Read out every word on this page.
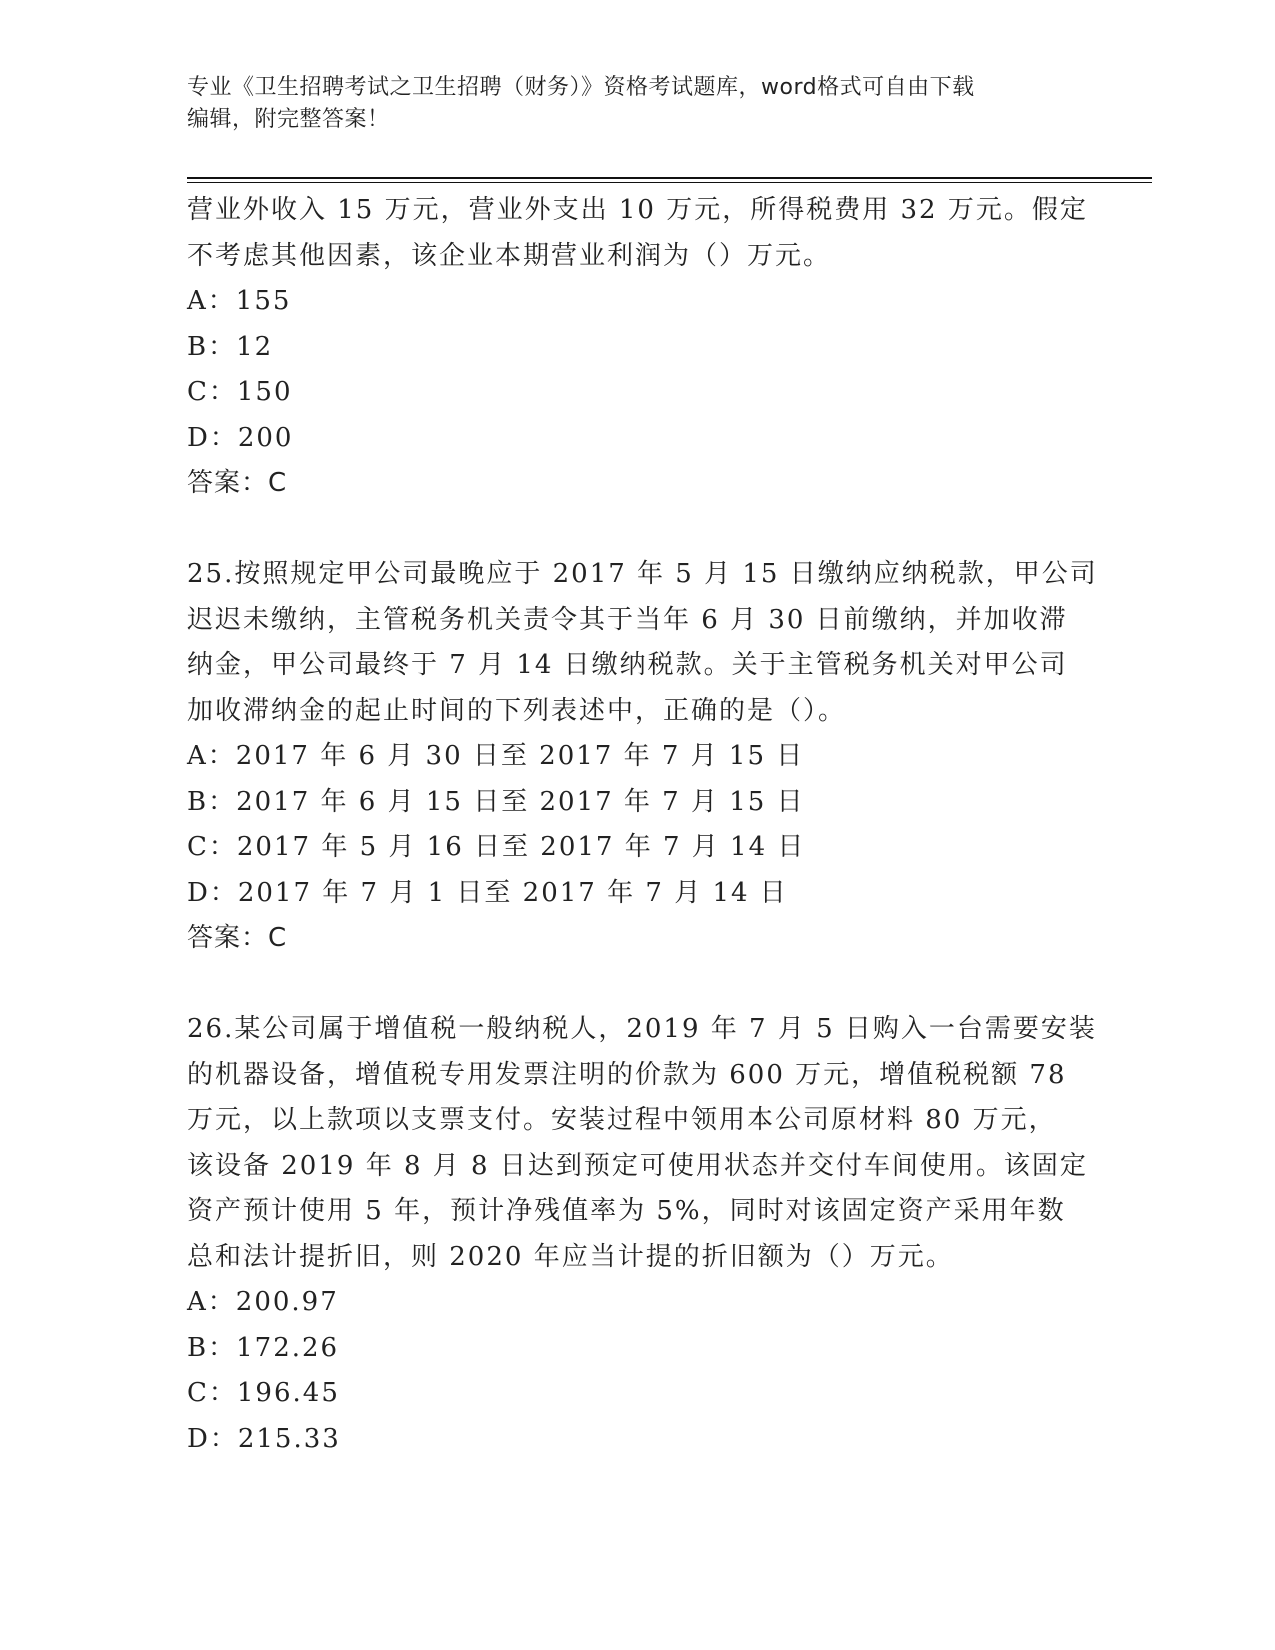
专业《卫生招聘考试之卫生招聘（财务）》资格考试题库，word格式可自由下载
编辑，附完整答案！
营业外收入 15 万元，营业外支出 10 万元，所得税费用 32 万元。假定
不考虑其他因素，该企业本期营业利润为（）万元。
A：155
B：12
C：150
D：200
答案：C
25.按照规定甲公司最晚应于 2017 年 5 月 15 日缴纳应纳税款，甲公司
迟迟未缴纳，主管税务机关责令其于当年 6 月 30 日前缴纳，并加收滞
纳金，甲公司最终于 7 月 14 日缴纳税款。关于主管税务机关对甲公司
加收滞纳金的起止时间的下列表述中，正确的是（）。
A：2017 年 6 月 30 日至 2017 年 7 月 15 日
B：2017 年 6 月 15 日至 2017 年 7 月 15 日
C：2017 年 5 月 16 日至 2017 年 7 月 14 日
D：2017 年 7 月 1 日至 2017 年 7 月 14 日
答案：C
26.某公司属于增值税一般纳税人，2019 年 7 月 5 日购入一台需要安装
的机器设备，增值税专用发票注明的价款为 600 万元，增值税税额 78
万元，以上款项以支票支付。安装过程中领用本公司原材料 80 万元，
该设备 2019 年 8 月 8 日达到预定可使用状态并交付车间使用。该固定
资产预计使用 5 年，预计净残值率为 5%，同时对该固定资产采用年数
总和法计提折旧，则 2020 年应当计提的折旧额为（）万元。
A：200.97
B：172.26
C：196.45
D：215.33
